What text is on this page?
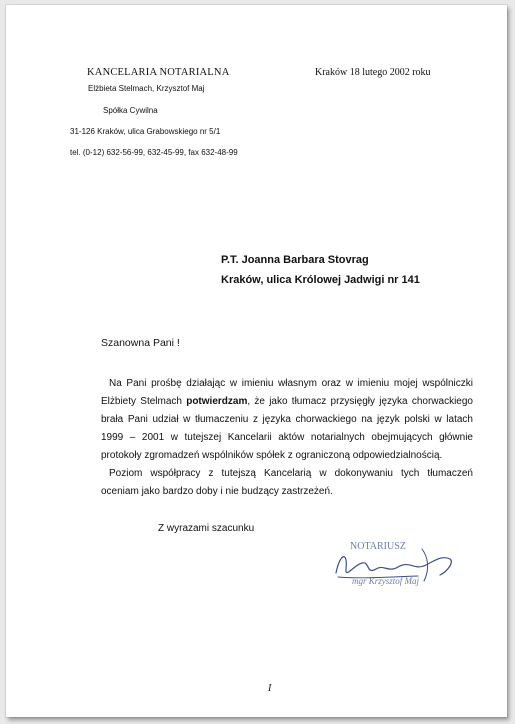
KANCELARIA NOTARIALNA
Elżbieta Stelmach, Krzysztof Maj
Spółka Cywilna
31-126 Kraków, ulica Grabowskiego nr 5/1
tel. (0-12) 632-56-99, 632-45-99, fax 632-48-99
Kraków 18 lutego 2002 roku
P.T. Joanna Barbara Stovrag
Kraków, ulica Królowej Jadwigi nr 141
Szanowna Pani !
Na Pani prośbę działając w imieniu własnym oraz w imieniu mojej wspólniczki
Elżbiety Stelmach potwierdzam, że jako tłumacz przysięgły języka chorwackiego
brała Pani udział w tłumaczeniu z języka chorwackiego na język polski w latach
1999 – 2001 w tutejszej Kancelarii aktów notarialnych obejmujących głównie
protokoły zgromadzeń wspólników spółek z ograniczoną odpowiedzialnością.
Poziom współpracy z tutejszą Kancelarią w dokonywaniu tych tłumaczeń
oceniam jako bardzo doby i nie budzący zastrzeżeń.
Z wyrazami szacunku
NOTARIUSZ
mgr Krzysztof Maj
I
